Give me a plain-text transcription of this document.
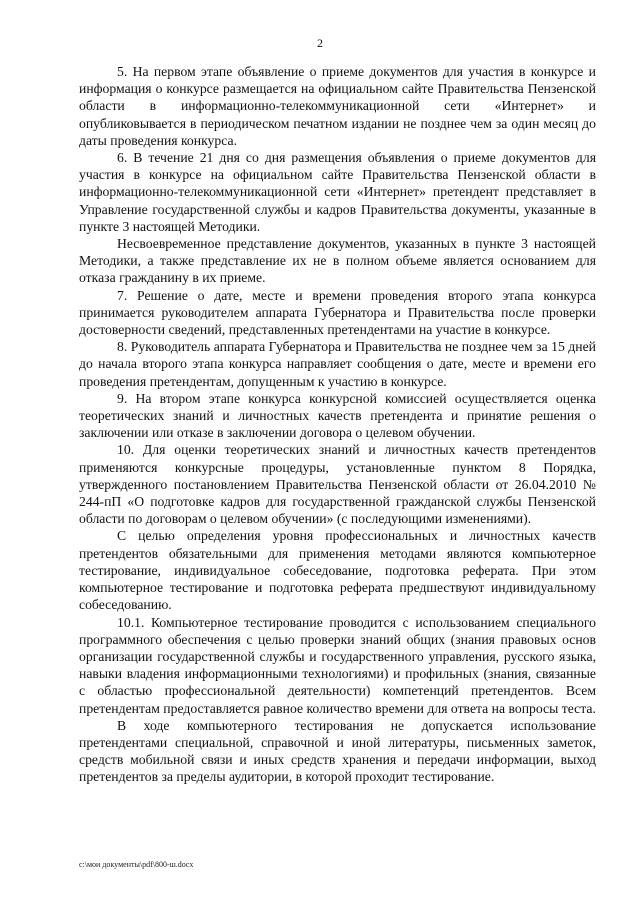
2

5. На первом этапе объявление о приеме документов для участия в конкурсе и информация о конкурсе размещается на официальном сайте Правительства Пензенской области в информационно-телекоммуникационной сети «Интернет» и опубликовывается в периодическом печатном издании не позднее чем за один месяц до даты проведения конкурса.

6. В течение 21 дня со дня размещения объявления о приеме документов для участия в конкурсе на официальном сайте Правительства Пензенской области в информационно-телекоммуникационной сети «Интернет» претендент представляет в Управление государственной службы и кадров Правительства документы, указанные в пункте 3 настоящей Методики.

Несвоевременное представление документов, указанных в пункте 3 настоящей Методики, а также представление их не в полном объеме является основанием для отказа гражданину в их приеме.

7. Решение о дате, месте и времени проведения второго этапа конкурса принимается руководителем аппарата Губернатора и Правительства после проверки достоверности сведений, представленных претендентами на участие в конкурсе.

8. Руководитель аппарата Губернатора и Правительства не позднее чем за 15 дней до начала второго этапа конкурса направляет сообщения о дате, месте и времени его проведения претендентам, допущенным к участию в конкурсе.

9. На втором этапе конкурса конкурсной комиссией осуществляется оценка теоретических знаний и личностных качеств претендента и принятие решения о заключении или отказе в заключении договора о целевом обучении.

10. Для оценки теоретических знаний и личностных качеств претендентов применяются конкурсные процедуры, установленные пунктом 8 Порядка, утвержденного постановлением Правительства Пензенской области от 26.04.2010 № 244-пП «О подготовке кадров для государственной гражданской службы Пензенской области по договорам о целевом обучении» (с последующими изменениями).

С целью определения уровня профессиональных и личностных качеств претендентов обязательными для применения методами являются компьютерное тестирование, индивидуальное собеседование, подготовка реферата. При этом компьютерное тестирование и подготовка реферата предшествуют индивидуальному собеседованию.

10.1. Компьютерное тестирование проводится с использованием специального программного обеспечения с целью проверки знаний общих (знания правовых основ организации государственной службы и государственного управления, русского языка, навыки владения информационными технологиями) и профильных (знания, связанные с областью профессиональной деятельности) компетенций претендентов. Всем претендентам предоставляется равное количество времени для ответа на вопросы теста.

В ходе компьютерного тестирования не допускается использование претендентами специальной, справочной и иной литературы, письменных заметок, средств мобильной связи и иных средств хранения и передачи информации, выход претендентов за пределы аудитории, в которой проходит тестирование.

c:\мои документы\pdf\800-ш.docx
